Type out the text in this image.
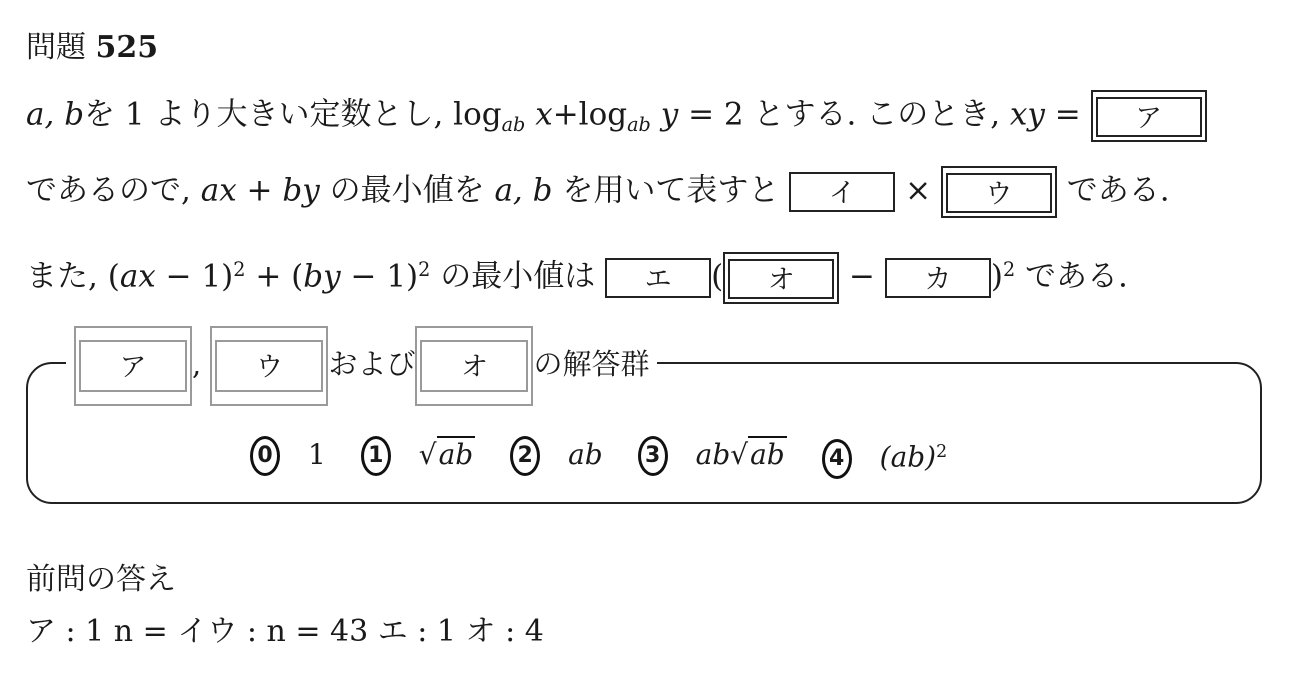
問題 525
a, bを 1 より大きい定数とし, $\log_{ab} x+\log_{ab}$ y = 2 とする. このとき, xy = ア
であるので, ax + by の最小値を a, b を用いて表すと イ × ウ である.
また, (ax − 1)$^2$ + (by − 1)$^2$ の最小値は エ ( オ − カ )$^2$ である.
ア , ウ および オ の解答群
0 1 1 √ab 2 ab 3 ab√ab 4 (ab)$^2$
前問の答え
ア : 1 n = イウ : n = 43 エ : 1 オ : 4
